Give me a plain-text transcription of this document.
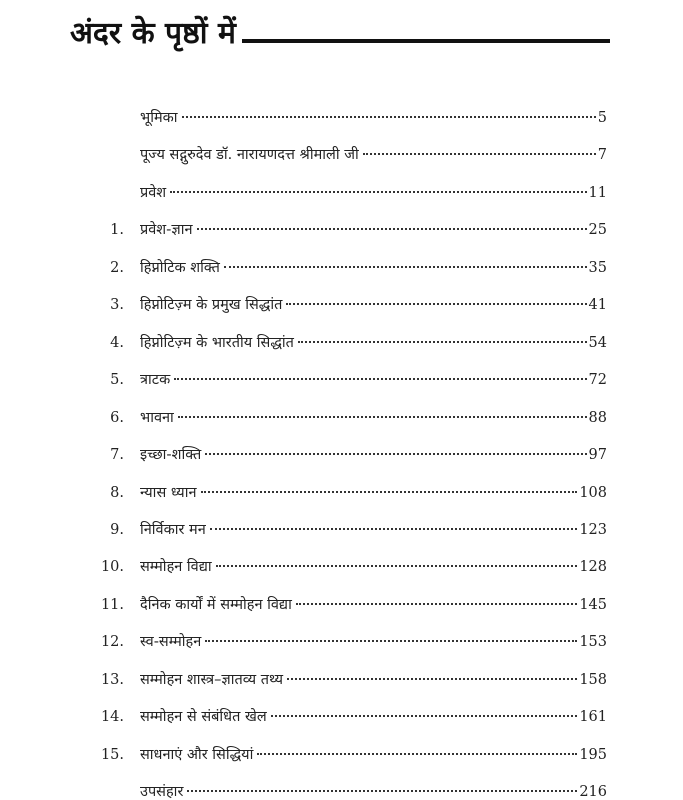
अंदर के पृष्ठों में
भूमिका	5
पूज्य सद्गुरुदेव डॉ. नारायणदत्त श्रीमाली जी	7
प्रवेश	11
1. प्रवेश-ज्ञान	25
2. हिप्नोटिक शक्ति	35
3. हिप्नोटिज़्म के प्रमुख सिद्धांत	41
4. हिप्नोटिज़्म के भारतीय सिद्धांत	54
5. त्राटक	72
6. भावना	88
7. इच्छा-शक्ति	97
8. न्यास ध्यान	108
9. निर्विकार मन	123
10. सम्मोहन विद्या	128
11. दैनिक कार्यों में सम्मोहन विद्या	145
12. स्व-सम्मोहन	153
13. सम्मोहन शास्त्र–ज्ञातव्य तथ्य	158
14. सम्मोहन से संबंधित खेल	161
15. साधनाएं और सिद्धियां	195
उपसंहार	216
